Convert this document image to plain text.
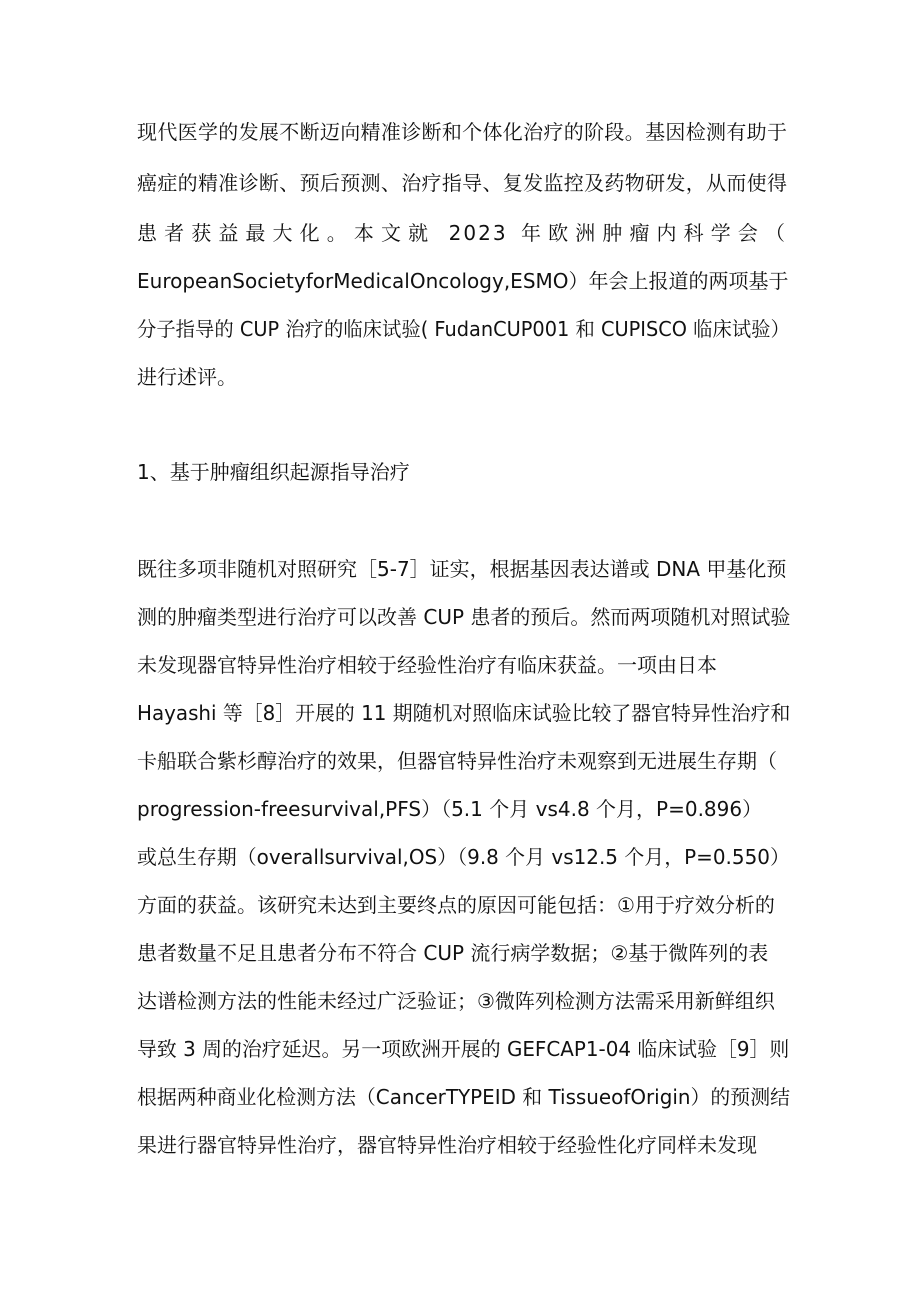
现代医学的发展不断迈向精准诊断和个体化治疗的阶段。基因检测有助于
癌症的精准诊断、预后预测、治疗指导、复发监控及药物研发，从而使得
患者获益最大化。本文就 2023 年欧洲肿瘤内科学会（
EuropeanSocietyforMedicalOncology,ESMO）年会上报道的两项基于
分子指导的 CUP 治疗的临床试验( FudanCUP001 和 CUPISCO 临床试验）
进行述评。
1、基于肿瘤组织起源指导治疗
既往多项非随机对照研究［5-7］证实，根据基因表达谱或 DNA 甲基化预
测的肿瘤类型进行治疗可以改善 CUP 患者的预后。然而两项随机对照试验
未发现器官特异性治疗相较于经验性治疗有临床获益。一项由日本
Hayashi 等［8］开展的 11 期随机对照临床试验比较了器官特异性治疗和
卡船联合紫杉醇治疗的效果，但器官特异性治疗未观察到无进展生存期（
progression-freesurvival,PFS）（5.1 个月 vs4.8 个月，P=0.896）
或总生存期（overallsurvival,OS）（9.8 个月 vs12.5 个月，P=0.550）
方面的获益。该研究未达到主要终点的原因可能包括：①用于疗效分析的
患者数量不足且患者分布不符合 CUP 流行病学数据；②基于微阵列的表
达谱检测方法的性能未经过广泛验证；③微阵列检测方法需采用新鲜组织
导致 3 周的治疗延迟。另一项欧洲开展的 GEFCAP1-04 临床试验［9］则
根据两种商业化检测方法（CancerTYPEID 和 TissueofOrigin）的预测结
果进行器官特异性治疗，器官特异性治疗相较于经验性化疗同样未发现
